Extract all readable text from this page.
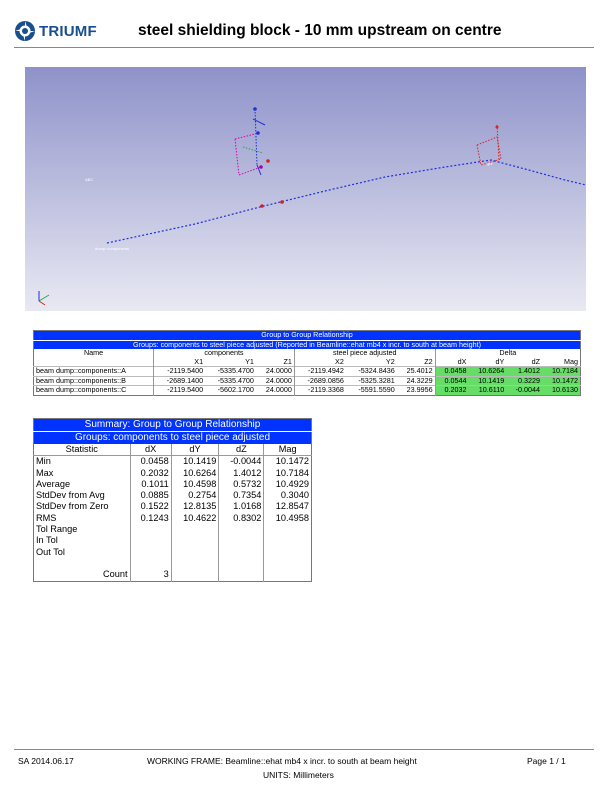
TRIUMF	steel shielding block - 10 mm upstream on centre
ABC
ghi
dump::components
Group to Group Relationship										
Groups: components to steel piece adjusted (Reported in Beamline::ehat mb4 x incr. to south at beam height)										
Name	components			steel piece adjusted			Delta			
	X1	Y1	Z1	X2	Y2	Z2	dX	dY	dZ	Mag
beam dump::components::A	-2119.5400	-5335.4700	24.0000	-2119.4942	-5324.8436	25.4012	0.0458	10.6264	1.4012	10.7184
beam dump::components::B	-2689.1400	-5335.4700	24.0000	-2689.0856	-5325.3281	24.3229	0.0544	10.1419	0.3229	10.1472
beam dump::components::C	-2119.5400	-5602.1700	24.0000	-2119.3368	-5591.5590	23.9956	0.2032	10.6110	-0.0044	10.6130
Summary: Group to Group Relationship				
Groups: components to steel piece adjusted				
Statistic	dX	dY	dZ	Mag
Min	0.0458	10.1419	-0.0044	10.1472
Max	0.2032	10.6264	1.4012	10.7184
Average	0.1011	10.4598	0.5732	10.4929
StdDev from Avg	0.0885	0.2754	0.7354	0.3040
StdDev from Zero	0.1522	12.8135	1.0168	12.8547
RMS	0.1243	10.4622	0.8302	10.4958
Tol Range				

In Tol				
Out Tol				

Count	3			
SA 2014.06.17	WORKING FRAME: Beamline::ehat mb4 x incr. to south at beam height
UNITS: Millimeters
Page 1 / 1
